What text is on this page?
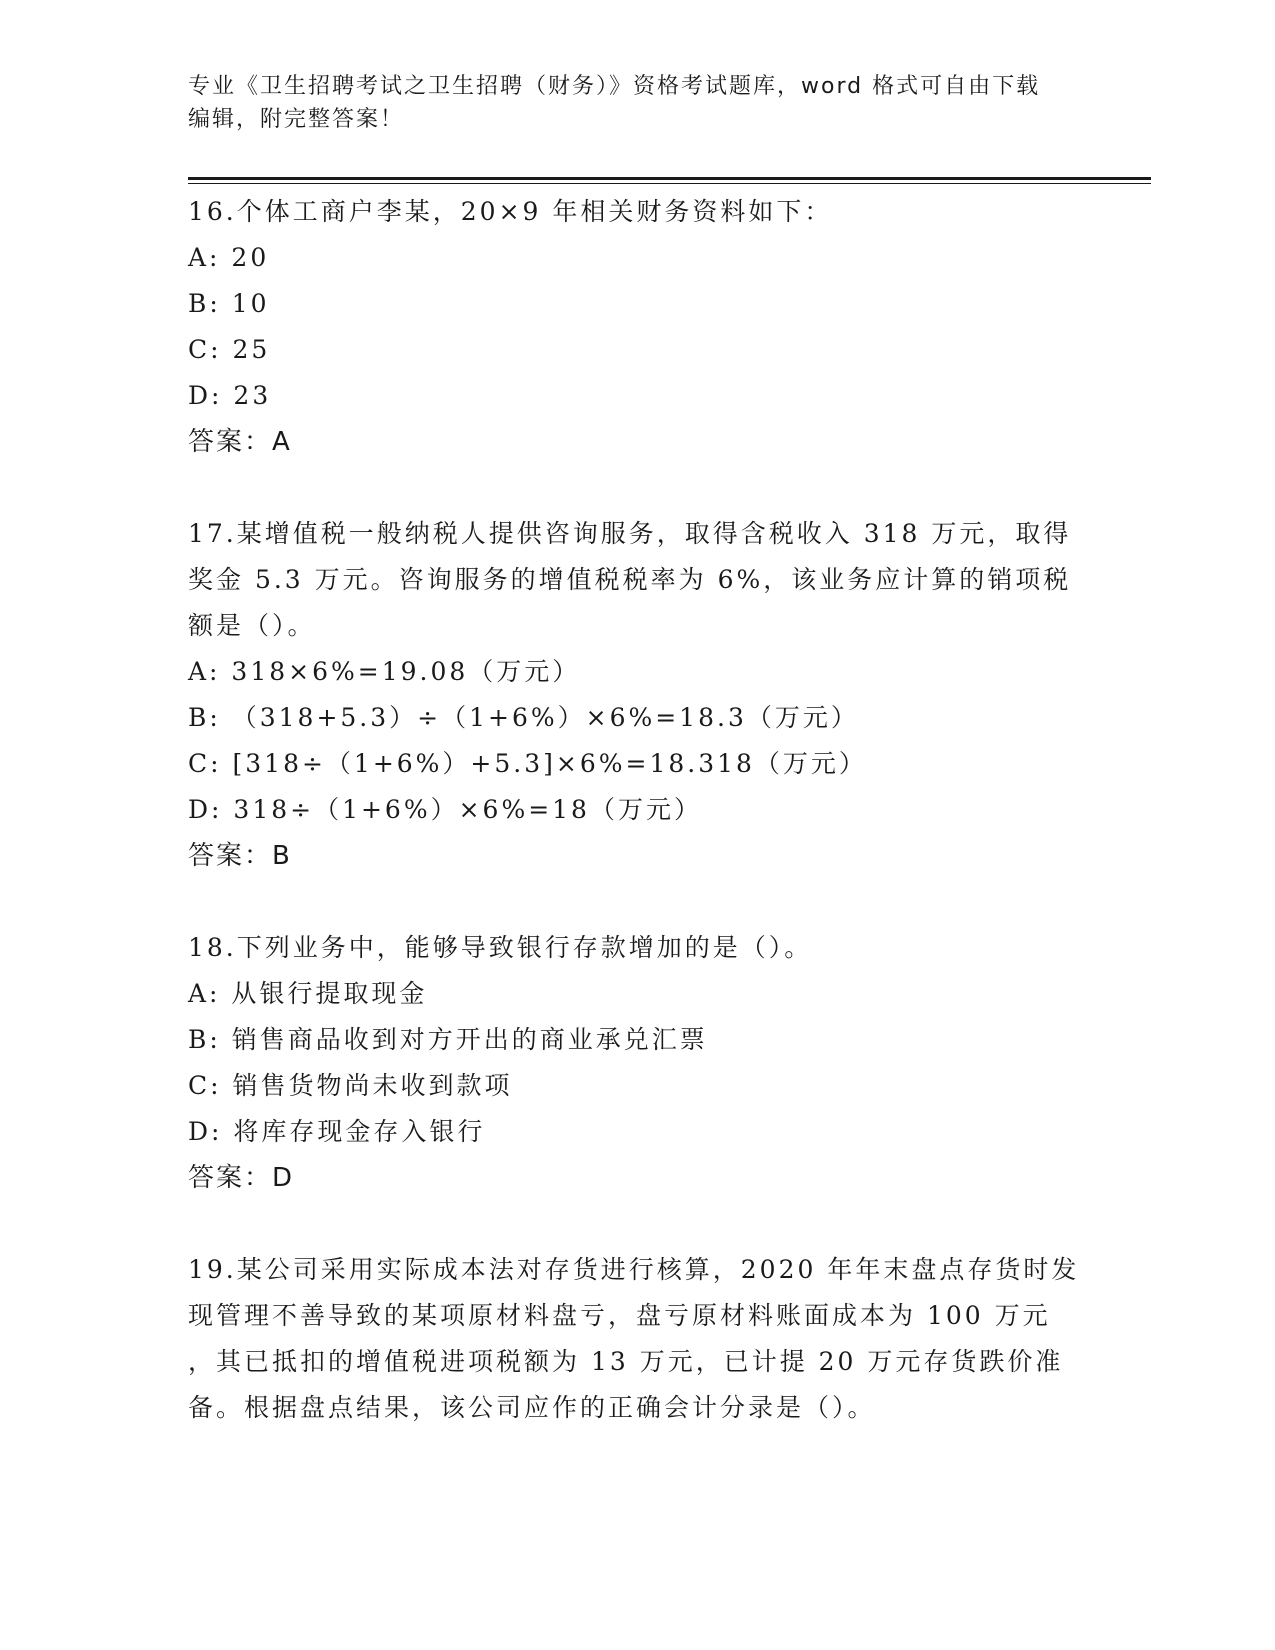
专业《卫生招聘考试之卫生招聘（财务）》资格考试题库，word 格式可自由下载
编辑，附完整答案！
16.个体工商户李某，20×9 年相关财务资料如下：
A: 20
B: 10
C: 25
D: 23
答案：A
17.某增值税一般纳税人提供咨询服务，取得含税收入 318 万元，取得
奖金 5.3 万元。咨询服务的增值税税率为 6%，该业务应计算的销项税
额是（）。
A: 318×6%=19.08（万元）
B: （318+5.3）÷（1+6%）×6%=18.3（万元）
C: [318÷（1+6%）+5.3]×6%=18.318（万元）
D: 318÷（1+6%）×6%=18（万元）
答案：B
18.下列业务中，能够导致银行存款增加的是（）。
A: 从银行提取现金
B: 销售商品收到对方开出的商业承兑汇票
C: 销售货物尚未收到款项
D: 将库存现金存入银行
答案：D
19.某公司采用实际成本法对存货进行核算，2020 年年末盘点存货时发
现管理不善导致的某项原材料盘亏，盘亏原材料账面成本为 100 万元
，其已抵扣的增值税进项税额为 13 万元，已计提 20 万元存货跌价准
备。根据盘点结果，该公司应作的正确会计分录是（）。
